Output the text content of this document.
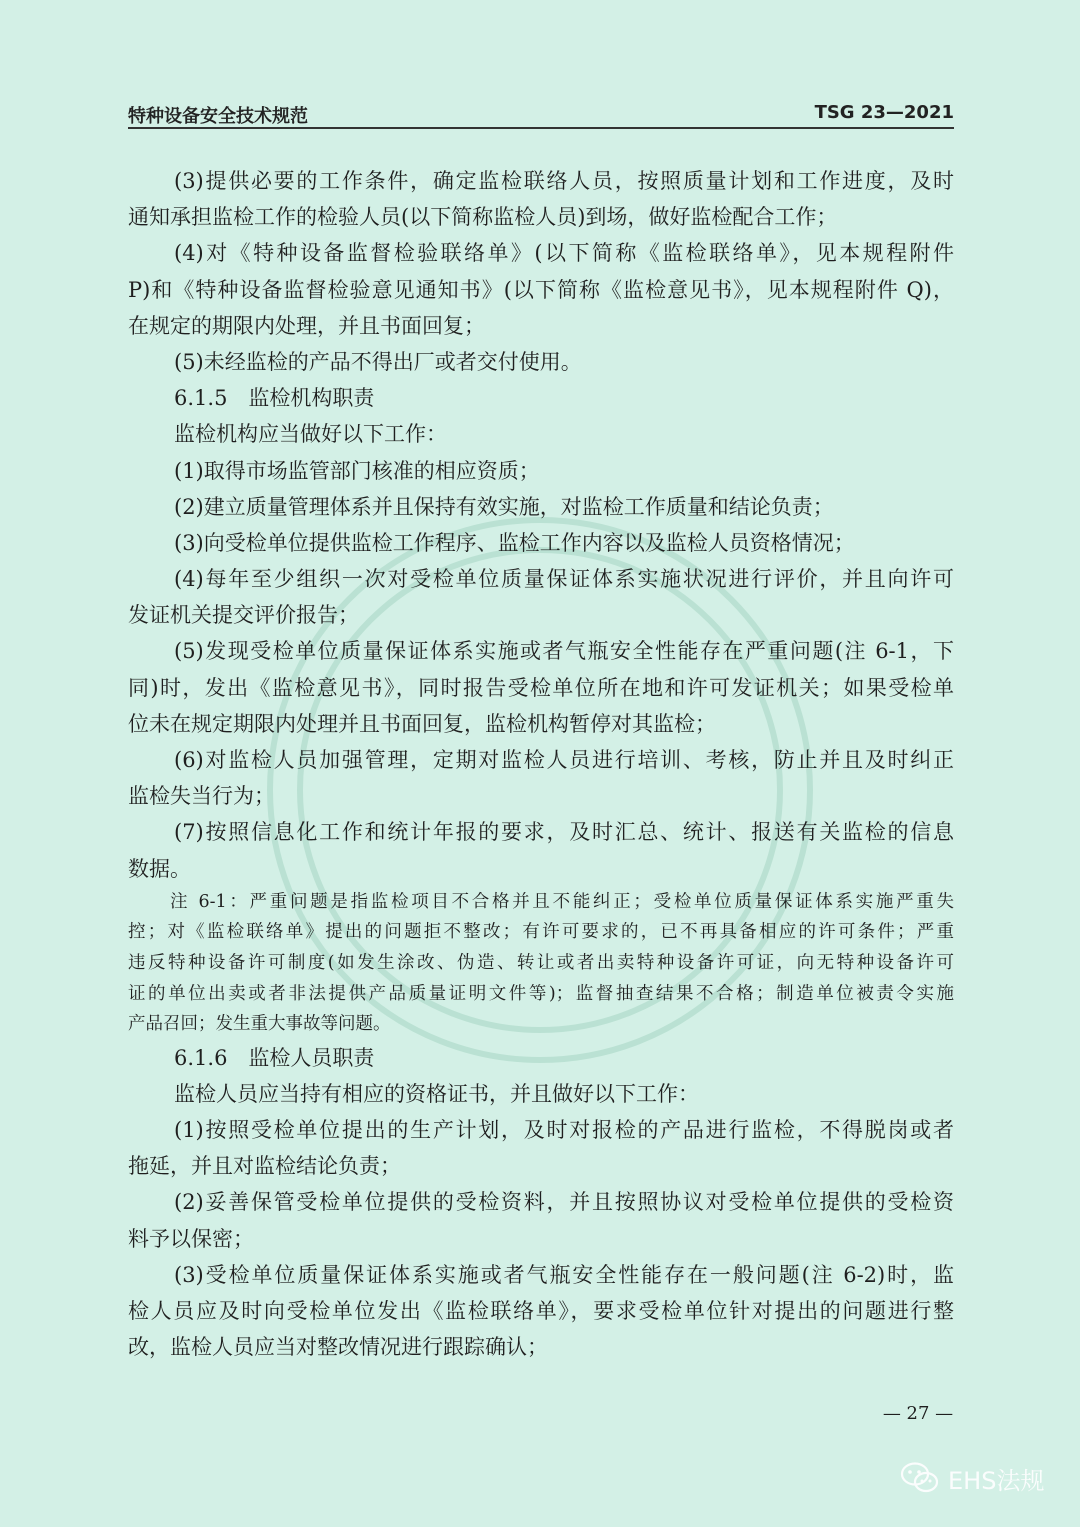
特种设备安全技术规范	TSG 23—2021
(3)提供必要的工作条件，确定监检联络人员，按照质量计划和工作进度，及时
通知承担监检工作的检验人员(以下简称监检人员)到场，做好监检配合工作；
(4)对《特种设备监督检验联络单》(以下简称《监检联络单》，见本规程附件
P)和《特种设备监督检验意见通知书》(以下简称《监检意见书》，见本规程附件 Q)，
在规定的期限内处理，并且书面回复；
(5)未经监检的产品不得出厂或者交付使用。
6.1.5　监检机构职责
监检机构应当做好以下工作：
(1)取得市场监管部门核准的相应资质；
(2)建立质量管理体系并且保持有效实施，对监检工作质量和结论负责；
(3)向受检单位提供监检工作程序、监检工作内容以及监检人员资格情况；
(4)每年至少组织一次对受检单位质量保证体系实施状况进行评价，并且向许可
发证机关提交评价报告；
(5)发现受检单位质量保证体系实施或者气瓶安全性能存在严重问题(注 6-1，下
同)时，发出《监检意见书》，同时报告受检单位所在地和许可发证机关；如果受检单
位未在规定期限内处理并且书面回复，监检机构暂停对其监检；
(6)对监检人员加强管理，定期对监检人员进行培训、考核，防止并且及时纠正
监检失当行为；
(7)按照信息化工作和统计年报的要求，及时汇总、统计、报送有关监检的信息
数据。
注 6-1：严重问题是指监检项目不合格并且不能纠正；受检单位质量保证体系实施严重失
控；对《监检联络单》提出的问题拒不整改；有许可要求的，已不再具备相应的许可条件；严重
违反特种设备许可制度(如发生涂改、伪造、转让或者出卖特种设备许可证，向无特种设备许可
证的单位出卖或者非法提供产品质量证明文件等)；监督抽查结果不合格；制造单位被责令实施
产品召回；发生重大事故等问题。
6.1.6　监检人员职责
监检人员应当持有相应的资格证书，并且做好以下工作：
(1)按照受检单位提出的生产计划，及时对报检的产品进行监检，不得脱岗或者
拖延，并且对监检结论负责；
(2)妥善保管受检单位提供的受检资料，并且按照协议对受检单位提供的受检资
料予以保密；
(3)受检单位质量保证体系实施或者气瓶安全性能存在一般问题(注 6-2)时，监
检人员应及时向受检单位发出《监检联络单》，要求受检单位针对提出的问题进行整
改，监检人员应当对整改情况进行跟踪确认；
— 27 —
EHS法规
